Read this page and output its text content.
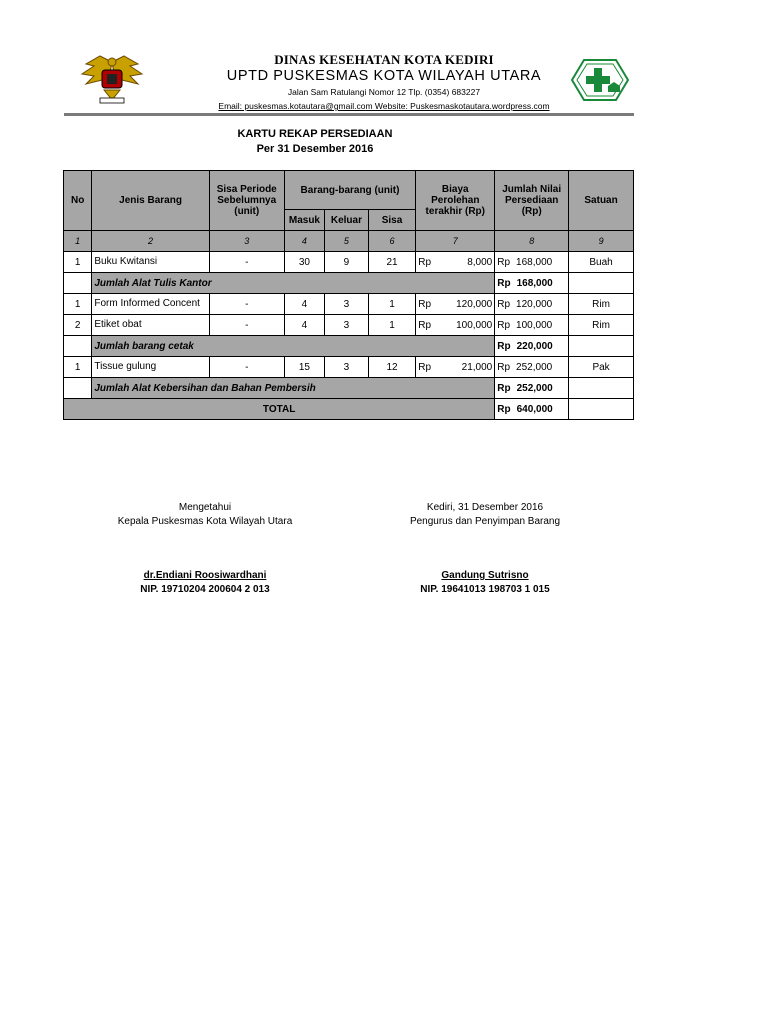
DINAS KESEHATAN KOTA KEDIRI
UPTD PUSKESMAS KOTA WILAYAH UTARA
Jalan Sam Ratulangi Nomor 12 Tlp. (0354) 683227
Email: puskesmas.kotautara@gmail.com Website: Puskesmaskotautara.wordpress.com
KARTU REKAP PERSEDIAAN
Per 31 Desember 2016
No	Jenis Barang	Sisa Periode Sebelumnya (unit)	Barang-barang (unit)			Biaya Perolehan terakhir (Rp)	Jumlah Nilai Persediaan (Rp)	Satuan
			Masuk	Keluar	Sisa			
1	2	3	4	5	6	7	8	9
1	Buku Kwitansi	-	30	9	21	Rp 8,000	Rp 168,000	Buah
	Jumlah Alat Tulis Kantor						Rp 168,000	

1	Form Informed Concent	-	4	3	1	Rp 120,000	Rp 120,000	Rim
2	Etiket obat	-	4	3	1	Rp 100,000	Rp 100,000	Rim
	Jumlah barang cetak						Rp 220,000	

1	Tissue gulung	-	15	3	12	Rp 21,000	Rp 252,000	Pak
	Jumlah Alat Kebersihan dan Bahan Pembersih						Rp 252,000	

TOTAL							Rp 640,000	

Mengetahui
Kepala Puskesmas Kota Wilayah Utara
dr.Endiani Roosiwardhani
NIP. 19710204 200604 2 013
Kediri, 31 Desember 2016
Pengurus dan Penyimpan Barang
Gandung Sutrisno
NIP. 19641013 198703 1 015
